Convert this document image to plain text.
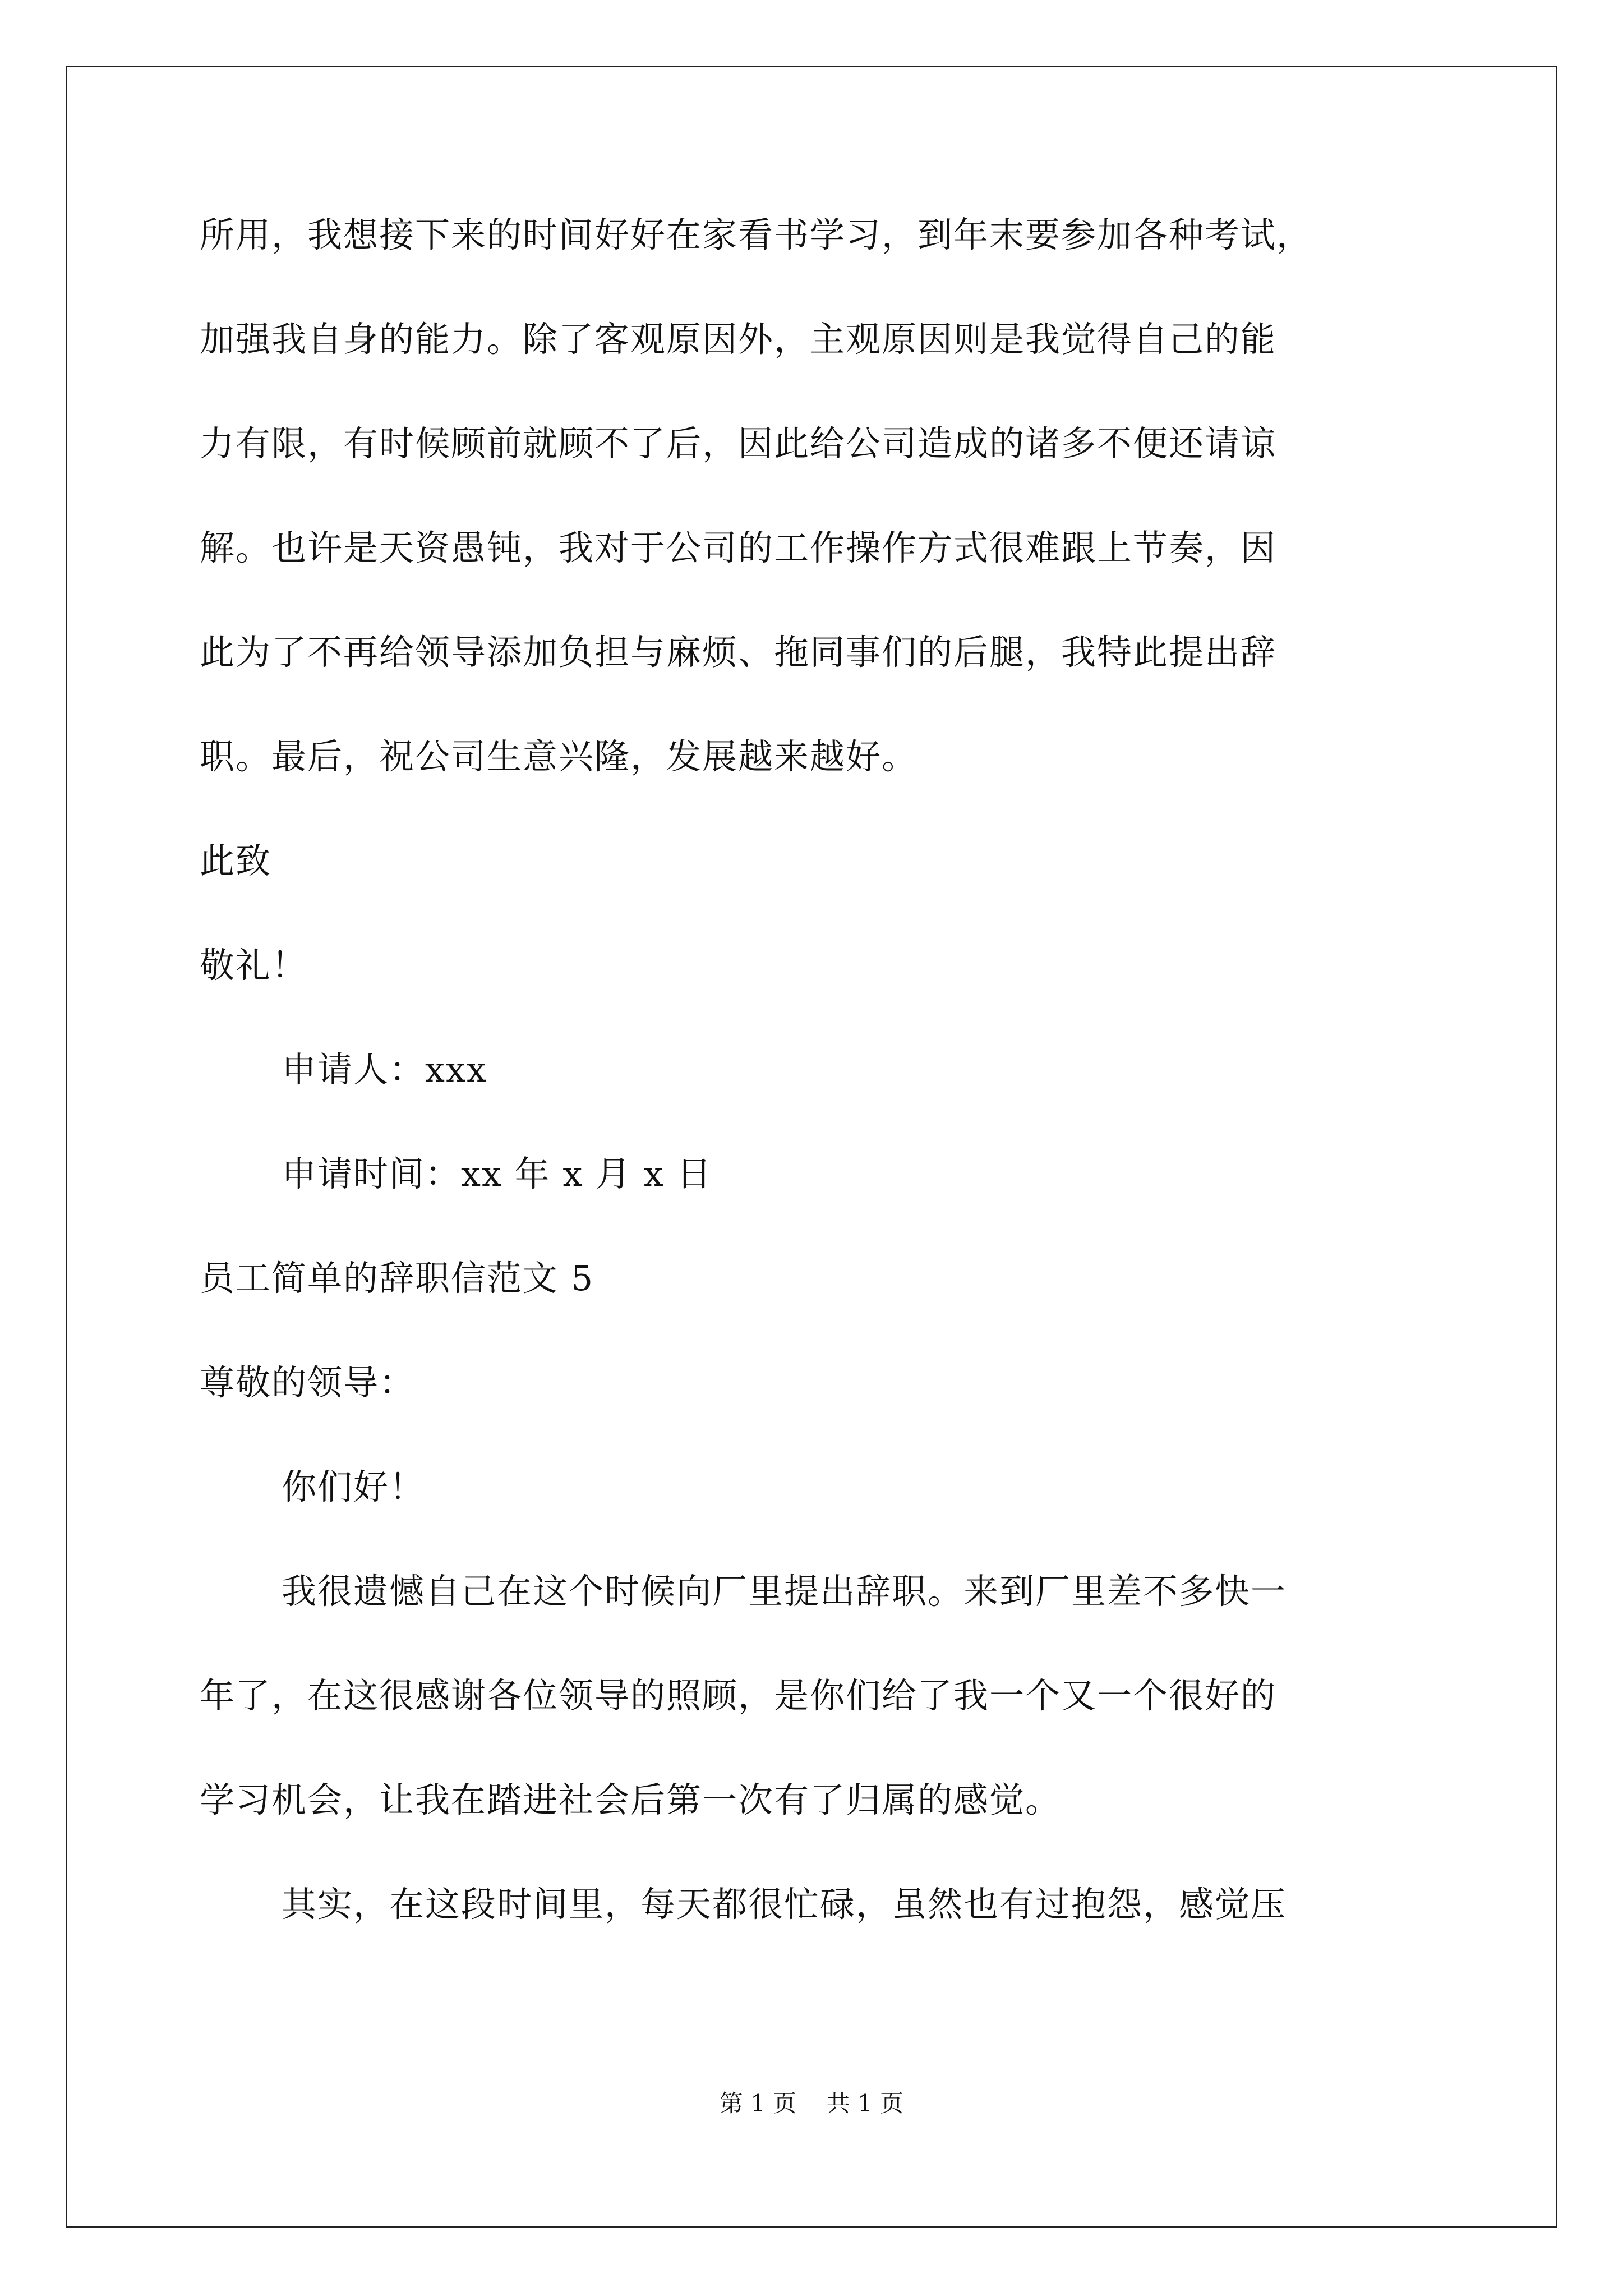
所用，我想接下来的时间好好在家看书学习，到年末要参加各种考试，
加强我自身的能力。除了客观原因外，主观原因则是我觉得自己的能
力有限，有时候顾前就顾不了后，因此给公司造成的诸多不便还请谅
解。也许是天资愚钝，我对于公司的工作操作方式很难跟上节奏，因
此为了不再给领导添加负担与麻烦、拖同事们的后腿，我特此提出辞
职。最后，祝公司生意兴隆，发展越来越好。
此致
敬礼！
申请人：xxx
申请时间：xx 年 x 月 x 日
员工简单的辞职信范文 5
尊敬的领导：
你们好！
我很遗憾自己在这个时候向厂里提出辞职。来到厂里差不多快一
年了，在这很感谢各位领导的照顾，是你们给了我一个又一个很好的
学习机会，让我在踏进社会后第一次有了归属的感觉。
其实，在这段时间里，每天都很忙碌，虽然也有过抱怨，感觉压
第 1 页    共 1 页
